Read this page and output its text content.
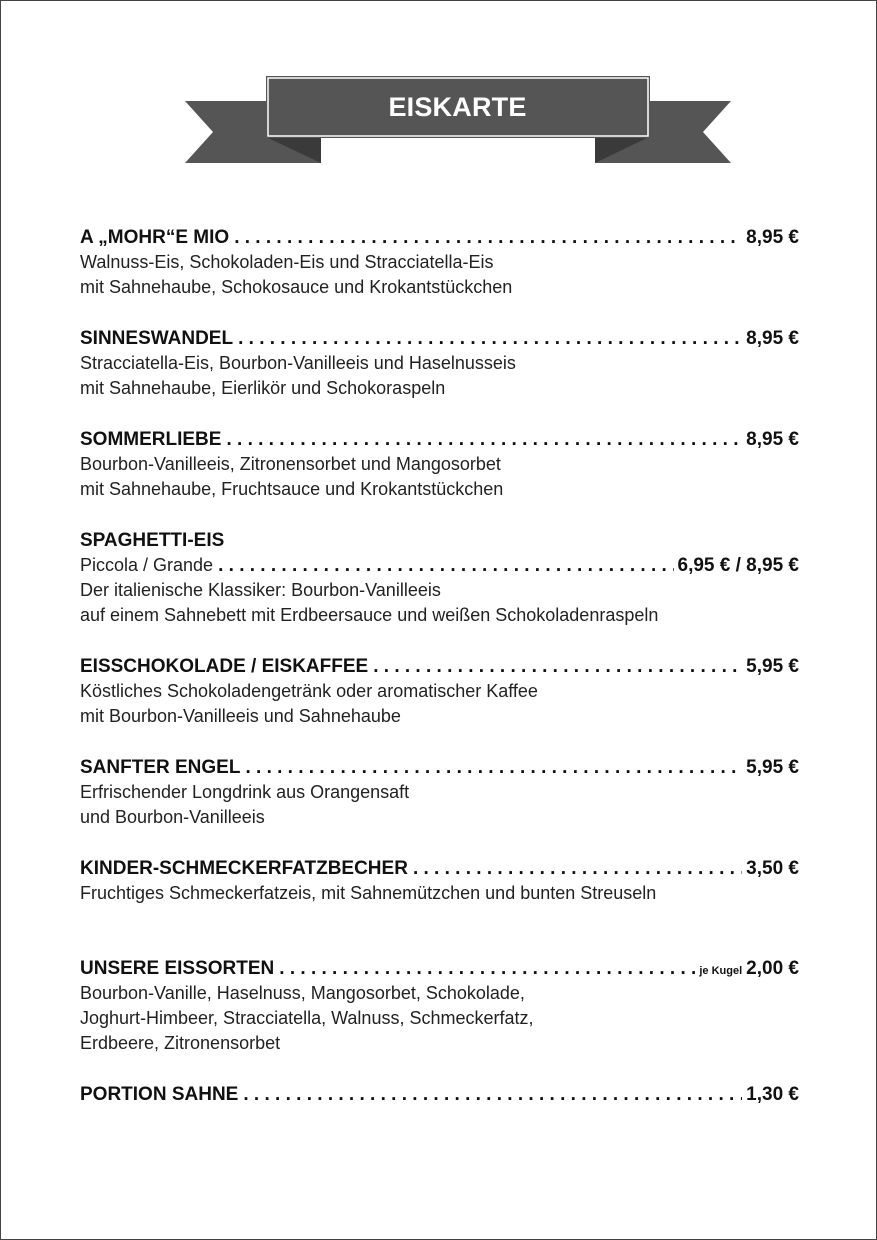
EISKARTE
A „MOHR“E MIO . . .	8,95 €
Walnuss-Eis, Schokoladen-Eis und Stracciatella-Eis
mit Sahnehaube, Schokosauce und Krokantstückchen
SINNESWANDEL . . .	8,95 €
Stracciatella-Eis, Bourbon-Vanilleeis und Haselnusseis
mit Sahnehaube, Eierlikör und Schokoraspeln
SOMMERLIEBE . . .	8,95 €
Bourbon-Vanilleeis, Zitronensorbet und Mangosorbet
mit Sahnehaube, Fruchtsauce und Krokantstückchen
SPAGHETTI-EIS
Piccola / Grande . . .	6,95 € / 8,95 €
Der italienische Klassiker: Bourbon-Vanilleeis
auf einem Sahnebett mit Erdbeersauce und weißen Schokoladenraspeln
EISSCHOKOLADE / EISKAFFEE . . .	5,95 €
Köstliches Schokoladengetränk oder aromatischer Kaffee
mit Bourbon-Vanilleeis und Sahnehaube
SANFTER ENGEL . . .	5,95 €
Erfrischender Longdrink aus Orangensaft
und Bourbon-Vanilleeis
KINDER-SCHMECKERFATZBECHER . . .	3,50 €
Fruchtiges Schmeckerfatzeis, mit Sahnemützchen und bunten Streuseln
UNSERE EISSORTEN . . .	je Kugel 2,00 €
Bourbon-Vanille, Haselnuss, Mangosorbet, Schokolade,
Joghurt-Himbeer, Stracciatella, Walnuss, Schmeckerfatz,
Erdbeere, Zitronensorbet
PORTION SAHNE . . .	1,30 €
